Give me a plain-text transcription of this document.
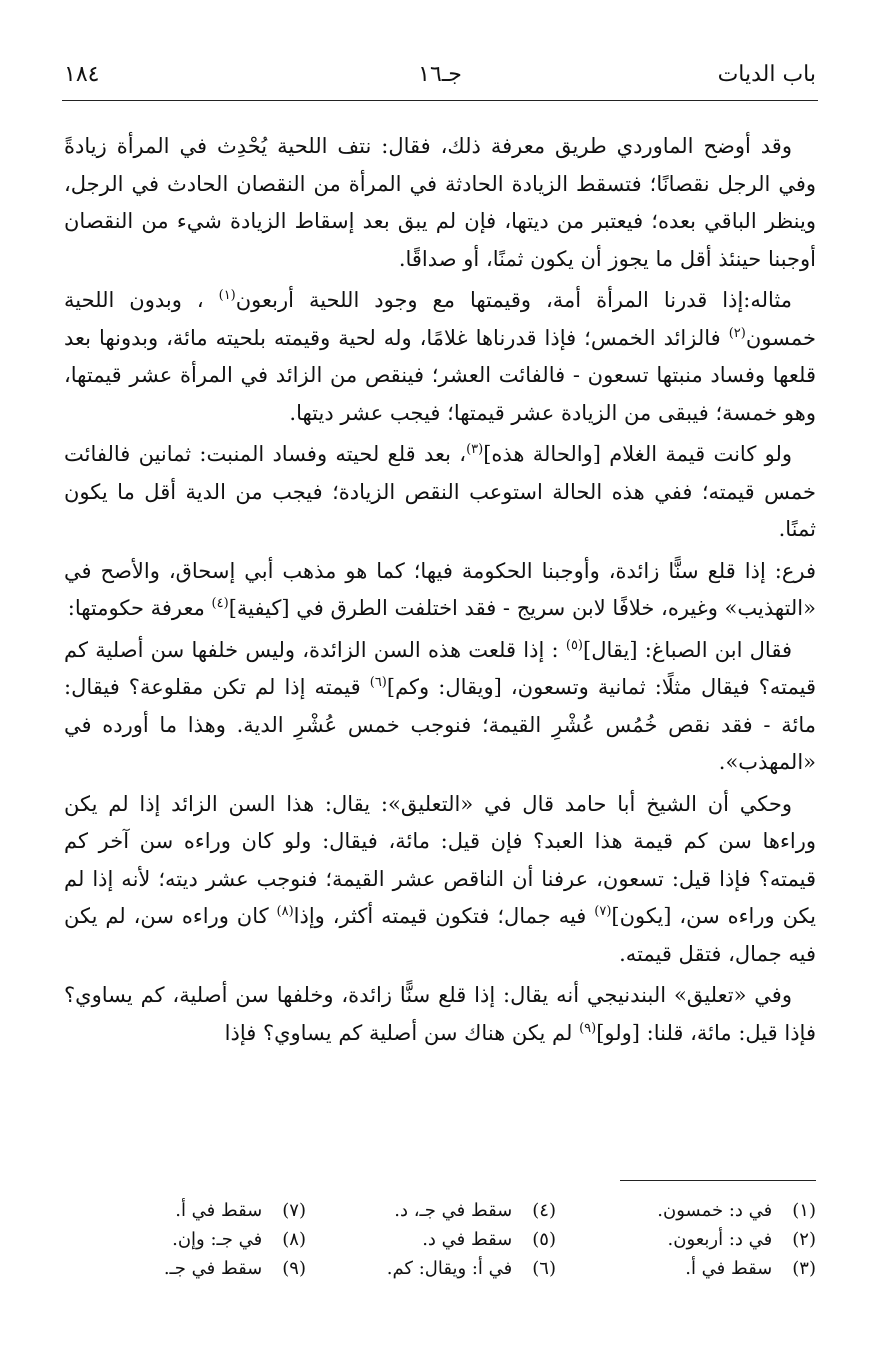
باب الديات
جـ١٦
١٨٤

وقد أوضح الماوردي طريق معرفة ذلك، فقال: نتف اللحية يُحْدِث في المرأة زيادةً وفي الرجل نقصانًا؛ فتسقط الزيادة الحادثة في المرأة من النقصان الحادث في الرجل، وينظر الباقي بعده؛ فيعتبر من ديتها، فإن لم يبق بعد إسقاط الزيادة شيء من النقصان أوجبنا حينئذ أقل ما يجوز أن يكون ثمنًا، أو صداقًا.

مثاله:إذا قدرنا المرأة أمة، وقيمتها مع وجود اللحية أربعون$^{(١)}$ ، وبدون اللحية خمسون$^{(٢)}$ فالزائد الخمس؛ فإذا قدرناها غلامًا، وله لحية وقيمته بلحيته مائة، وبدونها بعد قلعها وفساد منبتها تسعون - فالفائت العشر؛ فينقص من الزائد في المرأة عشر قيمتها، وهو خمسة؛ فيبقى من الزيادة عشر قيمتها؛ فيجب عشر ديتها.

ولو كانت قيمة الغلام [والحالة هذه]$^{(٣)}$، بعد قلع لحيته وفساد المنبت: ثمانين فالفائت خمس قيمته؛ ففي هذه الحالة استوعب النقص الزيادة؛ فيجب من الدية أقل ما يكون ثمنًا.

فرع: إذا قلع سنًّا زائدة، وأوجبنا الحكومة فيها؛ كما هو مذهب أبي إسحاق، والأصح في «التهذيب» وغيره، خلافًا لابن سريج - فقد اختلفت الطرق في [كيفية]$^{(٤)}$ معرفة حكومتها:

فقال ابن الصباغ: [يقال]$^{(٥)}$ : إذا قلعت هذه السن الزائدة، وليس خلفها سن أصلية كم قيمته؟ فيقال مثلًا: ثمانية وتسعون، [ويقال: وكم]$^{(٦)}$ قيمته إذا لم تكن مقلوعة؟ فيقال: مائة - فقد نقص خُمُس عُشْرِ القيمة؛ فنوجب خمس عُشْرِ الدية. وهذا ما أورده في «المهذب».

وحكي أن الشيخ أبا حامد قال في «التعليق»: يقال: هذا السن الزائد إذا لم يكن وراءها سن كم قيمة هذا العبد؟ فإن قيل: مائة، فيقال: ولو كان وراءه سن آخر كم قيمته؟ فإذا قيل: تسعون، عرفنا أن الناقص عشر القيمة؛ فنوجب عشر ديته؛ لأنه إذا لم يكن وراءه سن، [يكون]$^{(٧)}$ فيه جمال؛ فتكون قيمته أكثر، وإذا$^{(٨)}$ كان وراءه سن، لم يكن فيه جمال، فتقل قيمته.

وفي «تعليق» البندنيجي أنه يقال: إذا قلع سنًّا زائدة، وخلفها سن أصلية، كم يساوي؟ فإذا قيل: مائة، قلنا: [ولو]$^{(٩)}$ لم يكن هناك سن أصلية كم يساوي؟ فإذا

(١) في د: خمسون.
(٢) في د: أربعون.
(٣) سقط في أ.
(٤) سقط في جـ، د.
(٥) سقط في د.
(٦) في أ: ويقال: كم.
(٧) سقط في أ.
(٨) في جـ: وإن.
(٩) سقط في جـ.
